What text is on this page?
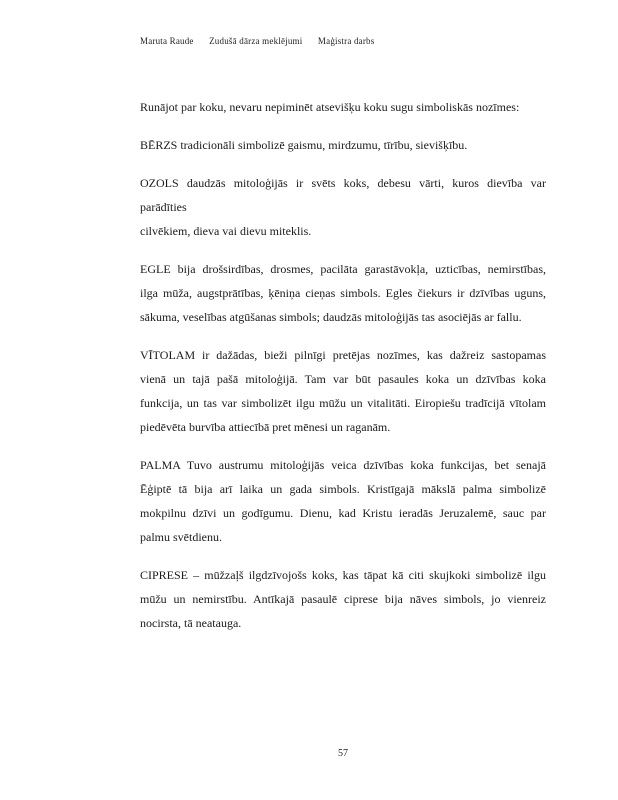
Maruta Raude Zudušā dārza meklējumi Maģistra darbs
Runājot par koku, nevaru nepiminēt atsevišķu koku sugu simboliskās nozīmes:
BĒRZS tradicionāli simbolizē gaismu, mirdzumu, tīrību, sievišķību.
OZOLS daudzās mitoloģijās ir svēts koks, debesu vārti, kuros dievība var
parādīties
cilvēkiem, dieva vai dievu miteklis.
EGLE bija drošsirdības, drosmes, pacilāta garastāvokļa, uzticības, nemirstības,
ilga mūža, augstprātības, ķēniņa cieņas simbols. Egles čiekurs ir dzīvības uguns,
sākuma, veselības atgūšanas simbols; daudzās mitoloģijās tas asociējās ar fallu.
VĪTOLAM ir dažādas, bieži pilnīgi pretējas nozīmes, kas dažreiz sastopamas
vienā un tajā pašā mitoloģijā. Tam var būt pasaules koka un dzīvības koka
funkcija, un tas var simbolizēt ilgu mūžu un vitalitāti. Eiropiešu tradīcijā vītolam
piedēvēta burvība attiecībā pret mēnesi un raganām.
PALMA Tuvo austrumu mitoloģijās veica dzīvības koka funkcijas, bet senajā
Ēģiptē tā bija arī laika un gada simbols. Kristīgajā mākslā palma simbolizē
mokpilnu dzīvi un godīgumu. Dienu, kad Kristu ieradās Jeruzalemē, sauc par
palmu svētdienu.
CIPRESE – mūžzaļš ilgdzīvojošs koks, kas tāpat kā citi skujkoki simbolizē ilgu
mūžu un nemirstību. Antīkajā pasaulē ciprese bija nāves simbols, jo vienreiz
nocirsta, tā neatauga.
57
